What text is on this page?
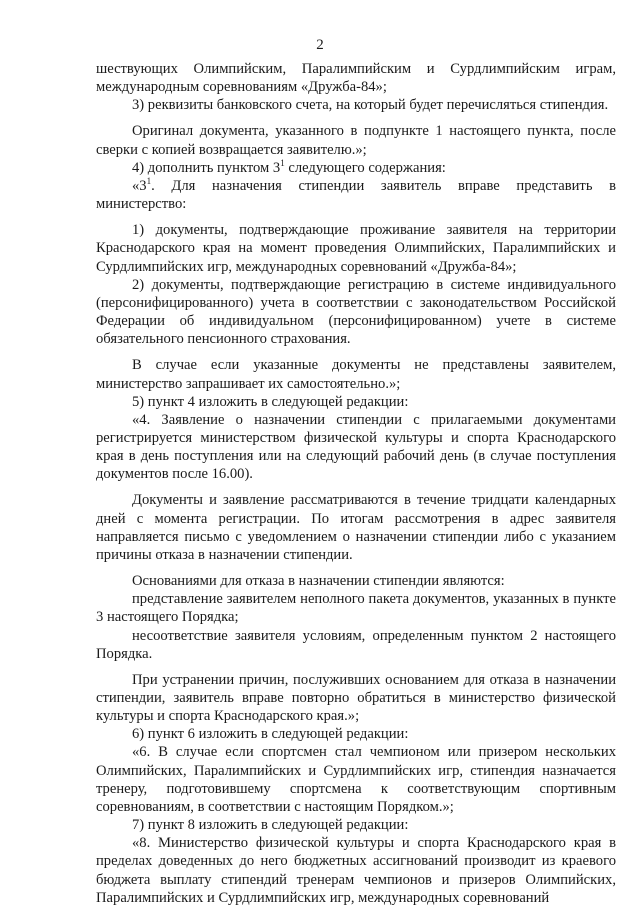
2

шествующих Олимпийским, Паралимпийским и Сурдлимпийским играм, международным соревнованиям «Дружба-84»;

3) реквизиты банковского счета, на который будет перечисляться стипендия.

Оригинал документа, указанного в подпункте 1 настоящего пункта, после сверки с копией возвращается заявителю.»;

4) дополнить пунктом $3^1$ следующего содержания:

«$3^1$. Для назначения стипендии заявитель вправе представить в министерство:

1) документы, подтверждающие проживание заявителя на территории Краснодарского края на момент проведения Олимпийских, Паралимпийских и Сурдлимпийских игр, международных соревнований «Дружба-84»;

2) документы, подтверждающие регистрацию в системе индивидуального (персонифицированного) учета в соответствии с законодательством Российской Федерации об индивидуальном (персонифицированном) учете в системе обязательного пенсионного страхования.

В случае если указанные документы не представлены заявителем, министерство запрашивает их самостоятельно.»;

5) пункт 4 изложить в следующей редакции:

«4. Заявление о назначении стипендии с прилагаемыми документами регистрируется министерством физической культуры и спорта Краснодарского края в день поступления или на следующий рабочий день (в случае поступления документов после 16.00).

Документы и заявление рассматриваются в течение тридцати календарных дней с момента регистрации. По итогам рассмотрения в адрес заявителя направляется письмо с уведомлением о назначении стипендии либо с указанием причины отказа в назначении стипендии.

Основаниями для отказа в назначении стипендии являются:

представление заявителем неполного пакета документов, указанных в пункте 3 настоящего Порядка;

несоответствие заявителя условиям, определенным пунктом 2 настоящего Порядка.

При устранении причин, послуживших основанием для отказа в назначении стипендии, заявитель вправе повторно обратиться в министерство физической культуры и спорта Краснодарского края.»;

6) пункт 6 изложить в следующей редакции:

«6. В случае если спортсмен стал чемпионом или призером нескольких Олимпийских, Паралимпийских и Сурдлимпийских игр, стипендия назначается тренеру, подготовившему спортсмена к соответствующим спортивным соревнованиям, в соответствии с настоящим Порядком.»;

7) пункт 8 изложить в следующей редакции:

«8. Министерство физической культуры и спорта Краснодарского края в пределах доведенных до него бюджетных ассигнований производит из краевого бюджета выплату стипендий тренерам чемпионов и призеров Олимпийских, Паралимпийских и Сурдлимпийских игр, международных соревнований
